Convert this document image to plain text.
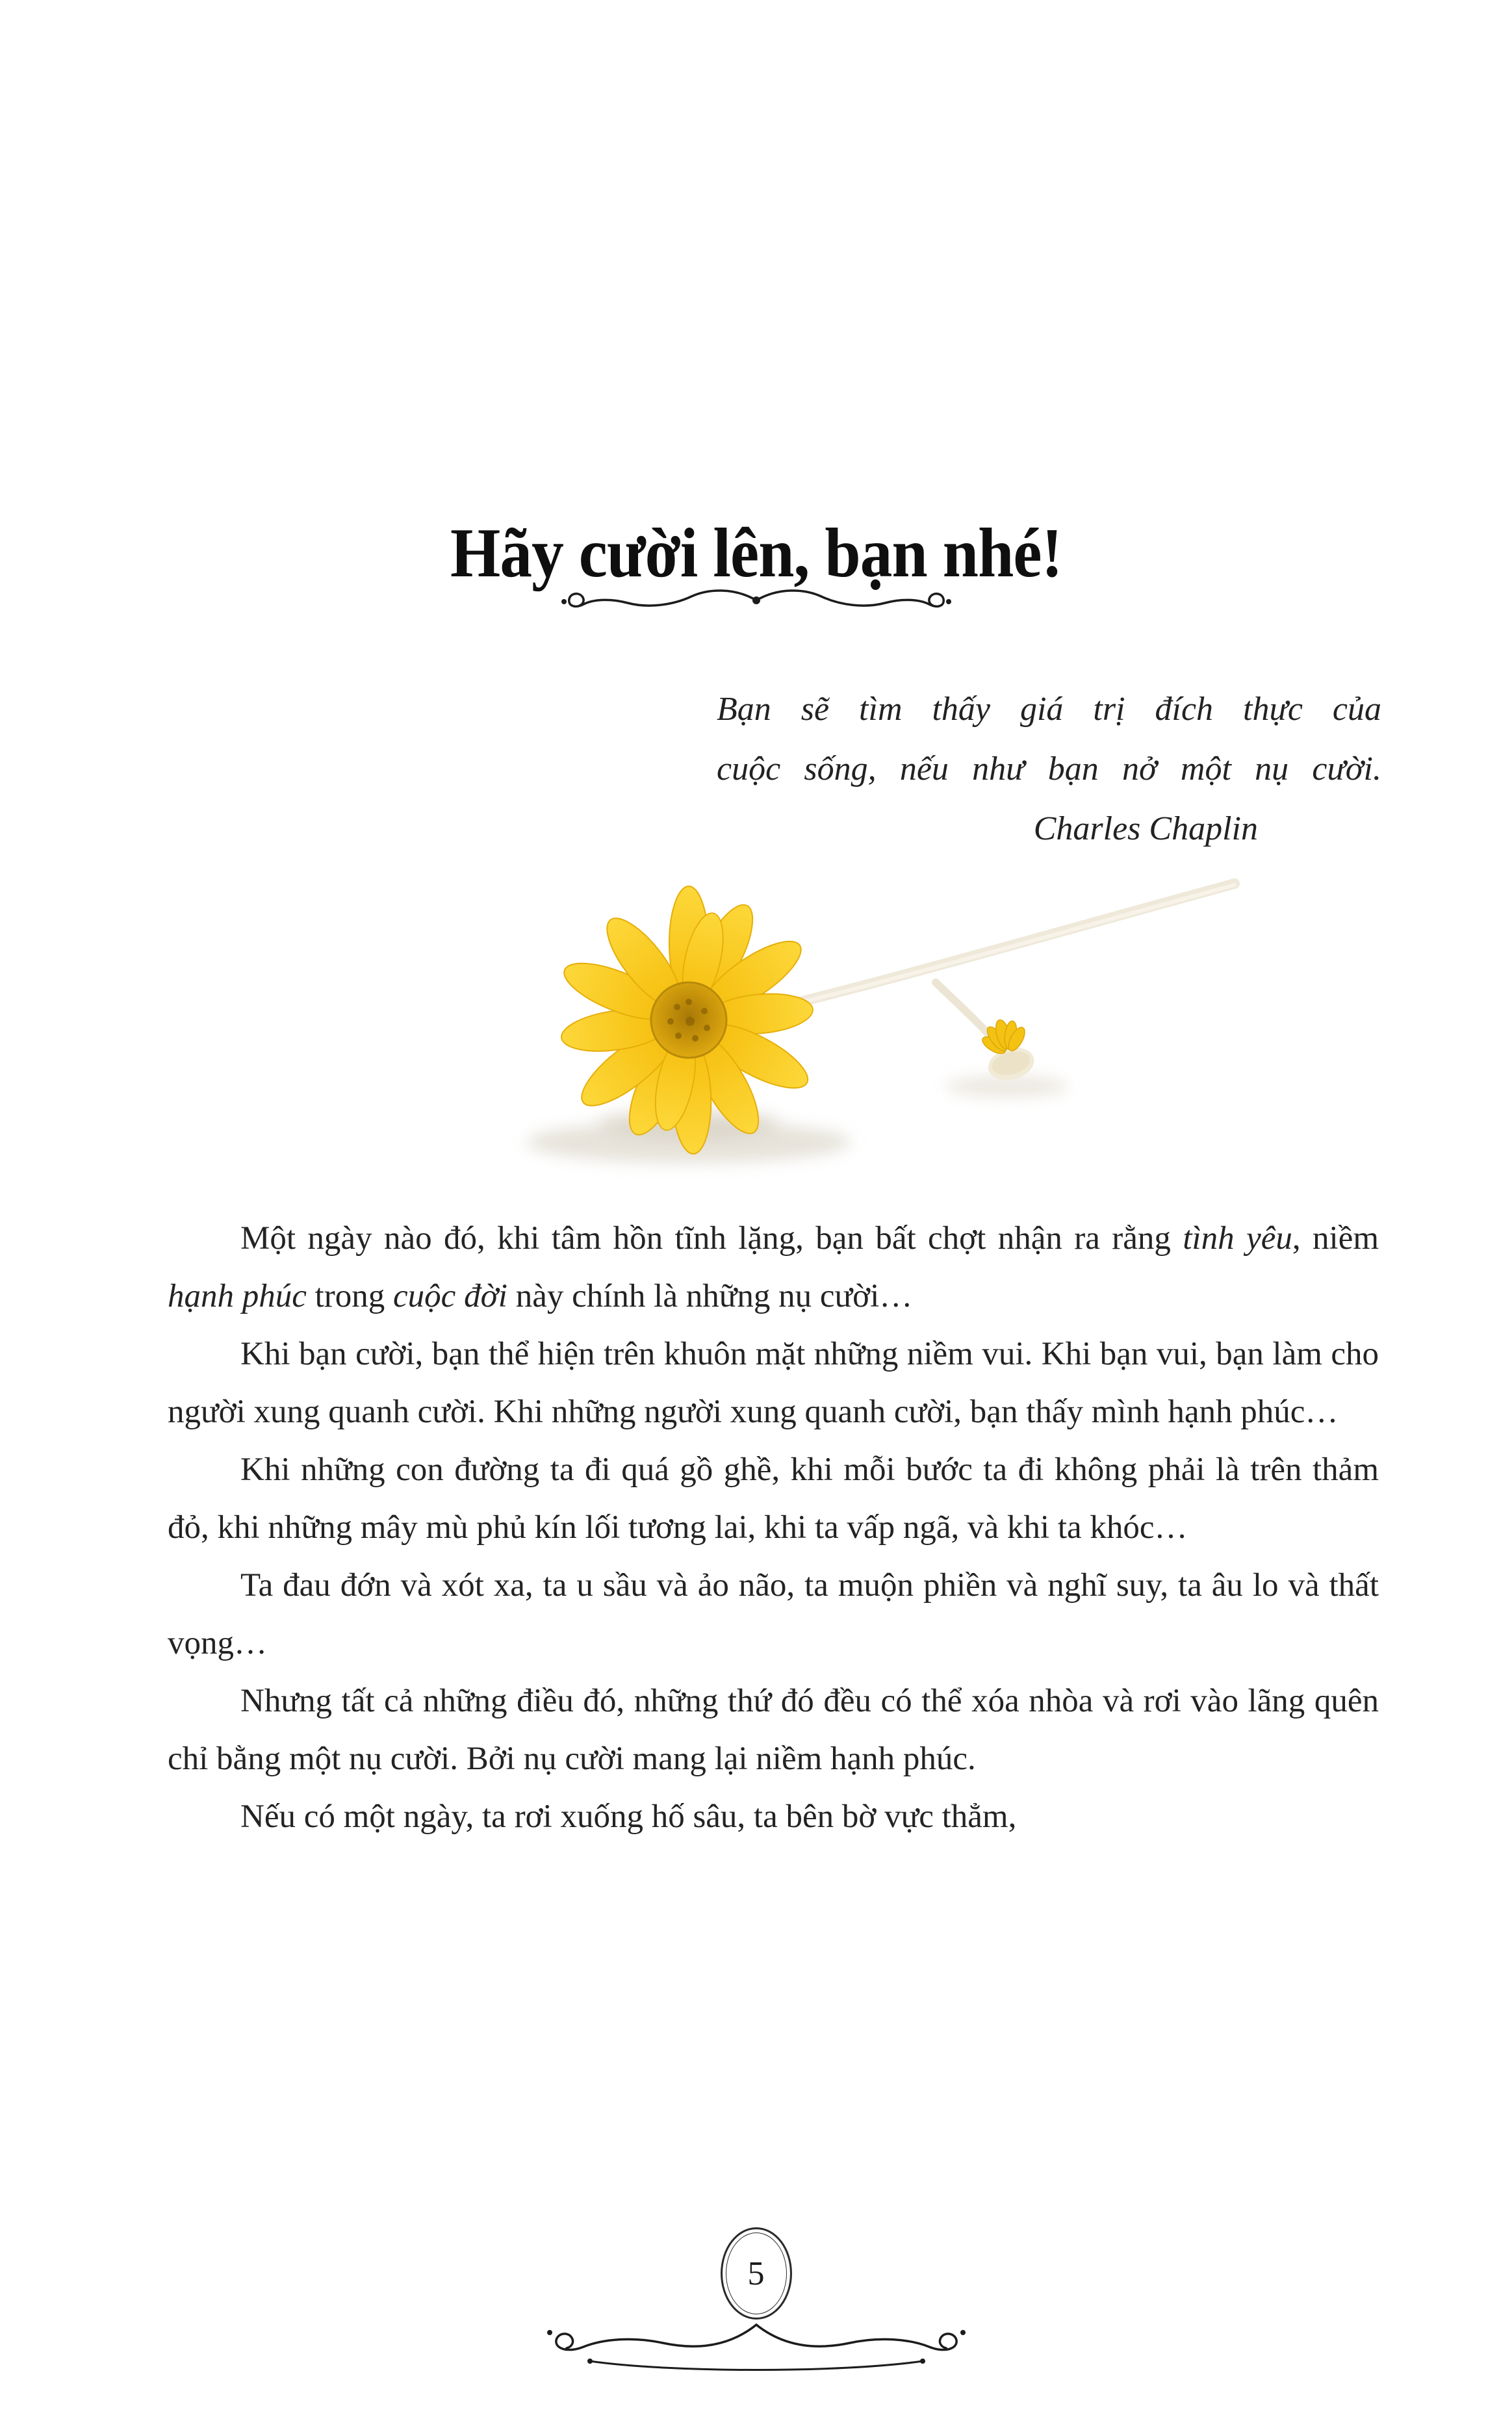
Hãy cười lên, bạn nhé!
Bạn sẽ tìm thấy giá trị đích thực của
cuộc sống, nếu như bạn nở một nụ cười.
Charles Chaplin

Một ngày nào đó, khi tâm hồn tĩnh lặng, bạn bất chợt nhận ra rằng tình yêu, niềm hạnh phúc trong cuộc đời này chính là những nụ cười…

Khi bạn cười, bạn thể hiện trên khuôn mặt những niềm vui. Khi bạn vui, bạn làm cho người xung quanh cười. Khi những người xung quanh cười, bạn thấy mình hạnh phúc…

Khi những con đường ta đi quá gồ ghề, khi mỗi bước ta đi không phải là trên thảm đỏ, khi những mây mù phủ kín lối tương lai, khi ta vấp ngã, và khi ta khóc…

Ta đau đớn và xót xa, ta u sầu và ảo não, ta muộn phiền và nghĩ suy, ta âu lo và thất vọng…

Nhưng tất cả những điều đó, những thứ đó đều có thể xóa nhòa và rơi vào lãng quên chỉ bằng một nụ cười. Bởi nụ cười mang lại niềm hạnh phúc.

Nếu có một ngày, ta rơi xuống hố sâu, ta bên bờ vực thẳm,

5
